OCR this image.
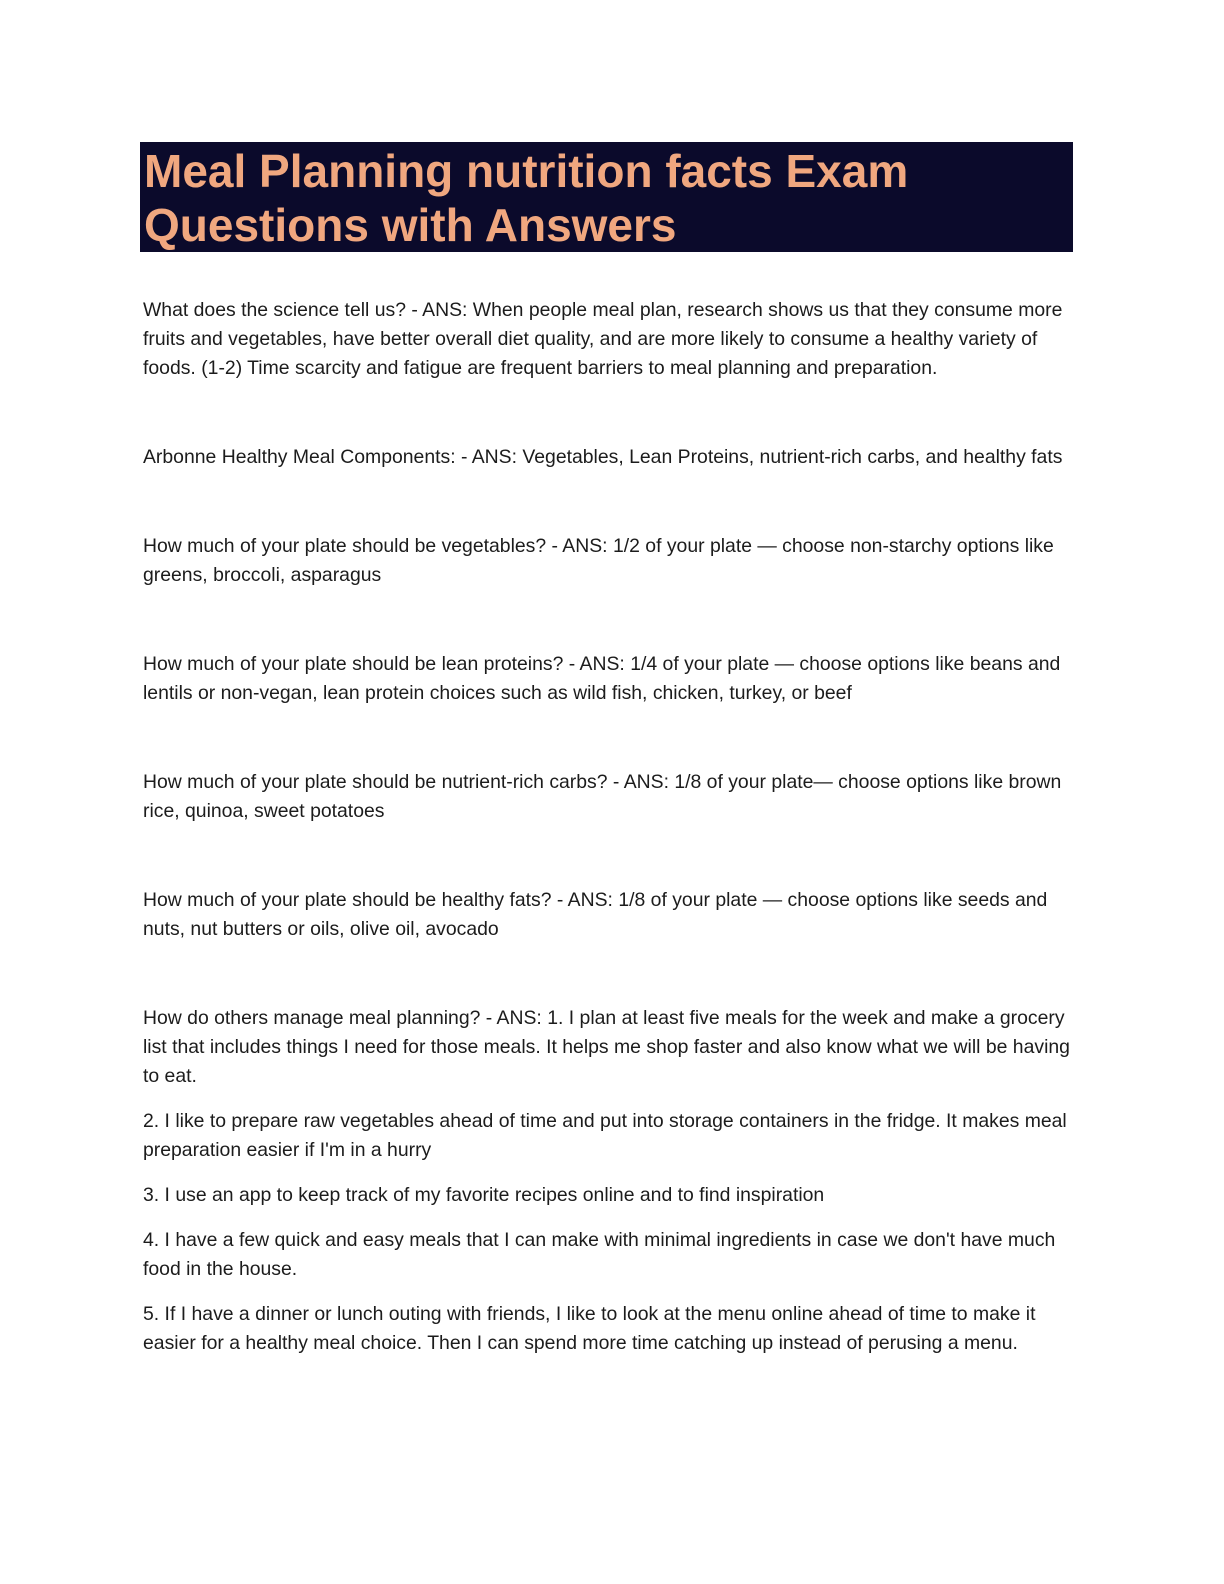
Meal Planning nutrition facts Exam
Questions with Answers

What does the science tell us? - ANS: When people meal plan, research shows us that they consume more fruits and vegetables, have better overall diet quality, and are more likely to consume a healthy variety of foods. (1-2) Time scarcity and fatigue are frequent barriers to meal planning and preparation.

Arbonne Healthy Meal Components: - ANS: Vegetables, Lean Proteins, nutrient-rich carbs, and healthy fats

How much of your plate should be vegetables? - ANS: 1/2 of your plate — choose non-starchy options like greens, broccoli, asparagus

How much of your plate should be lean proteins? - ANS: 1/4 of your plate — choose options like beans and lentils or non-vegan, lean protein choices such as wild fish, chicken, turkey, or beef

How much of your plate should be nutrient-rich carbs? - ANS: 1/8 of your plate— choose options like brown rice, quinoa, sweet potatoes

How much of your plate should be healthy fats? - ANS: 1/8 of your plate — choose options like seeds and nuts, nut butters or oils, olive oil, avocado

How do others manage meal planning? - ANS: 1. I plan at least five meals for the week and make a grocery list that includes things I need for those meals. It helps me shop faster and also know what we will be having to eat.

2. I like to prepare raw vegetables ahead of time and put into storage containers in the fridge. It makes meal preparation easier if I'm in a hurry

3. I use an app to keep track of my favorite recipes online and to find inspiration

4. I have a few quick and easy meals that I can make with minimal ingredients in case we don't have much food in the house.

5. If I have a dinner or lunch outing with friends, I like to look at the menu online ahead of time to make it easier for a healthy meal choice. Then I can spend more time catching up instead of perusing a menu.
